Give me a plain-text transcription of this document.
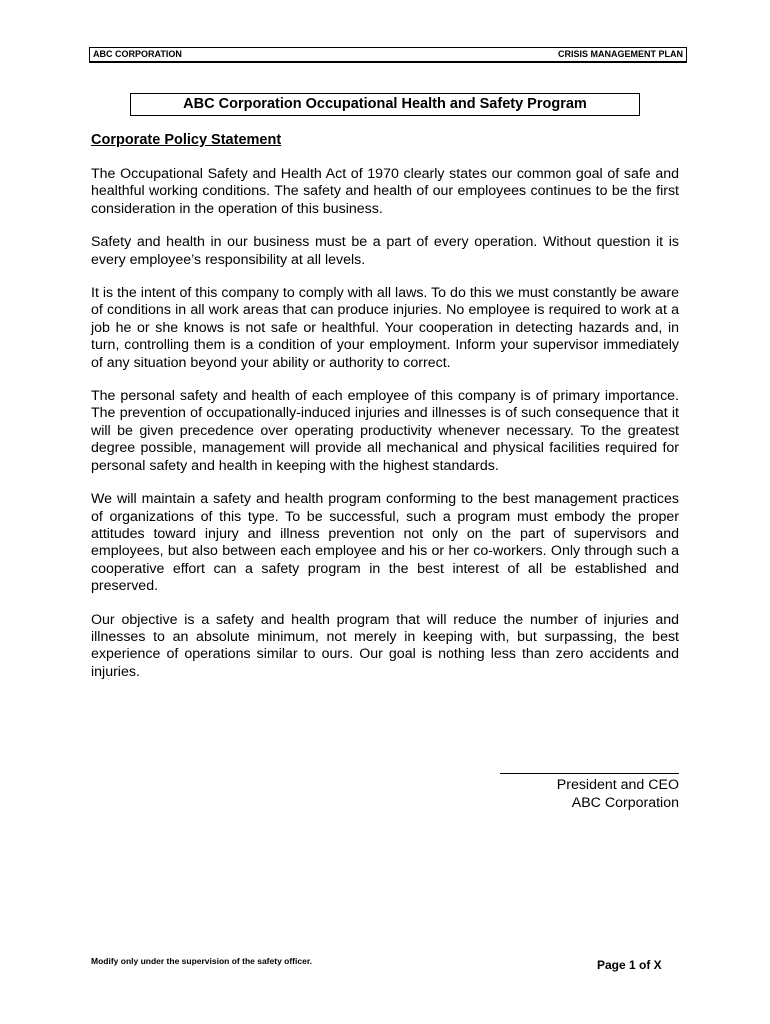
ABC CORPORATION	CRISIS MANAGEMENT PLAN
ABC Corporation Occupational Health and Safety Program
Corporate Policy Statement

The Occupational Safety and Health Act of 1970 clearly states our common goal of safe and healthful working conditions. The safety and health of our employees continues to be the first consideration in the operation of this business.

Safety and health in our business must be a part of every operation. Without question it is every employee’s responsibility at all levels.

It is the intent of this company to comply with all laws. To do this we must constantly be aware of conditions in all work areas that can produce injuries. No employee is required to work at a job he or she knows is not safe or healthful. Your cooperation in detecting hazards and, in turn, controlling them is a condition of your employment. Inform your supervisor immediately of any situation beyond your ability or authority to correct.

The personal safety and health of each employee of this company is of primary importance. The prevention of occupationally-induced injuries and illnesses is of such consequence that it will be given precedence over operating productivity whenever necessary. To the greatest degree possible, management will provide all mechanical and physical facilities required for personal safety and health in keeping with the highest standards.

We will maintain a safety and health program conforming to the best management practices of organizations of this type. To be successful, such a program must embody the proper attitudes toward injury and illness prevention not only on the part of supervisors and employees, but also between each employee and his or her co-workers. Only through such a cooperative effort can a safety program in the best interest of all be established and preserved.

Our objective is a safety and health program that will reduce the number of injuries and illnesses to an absolute minimum, not merely in keeping with, but surpassing, the best experience of operations similar to ours. Our goal is nothing less than zero accidents and injuries.

President and CEO
ABC Corporation
Modify only under the supervision of the safety officer.	Page 1 of X
